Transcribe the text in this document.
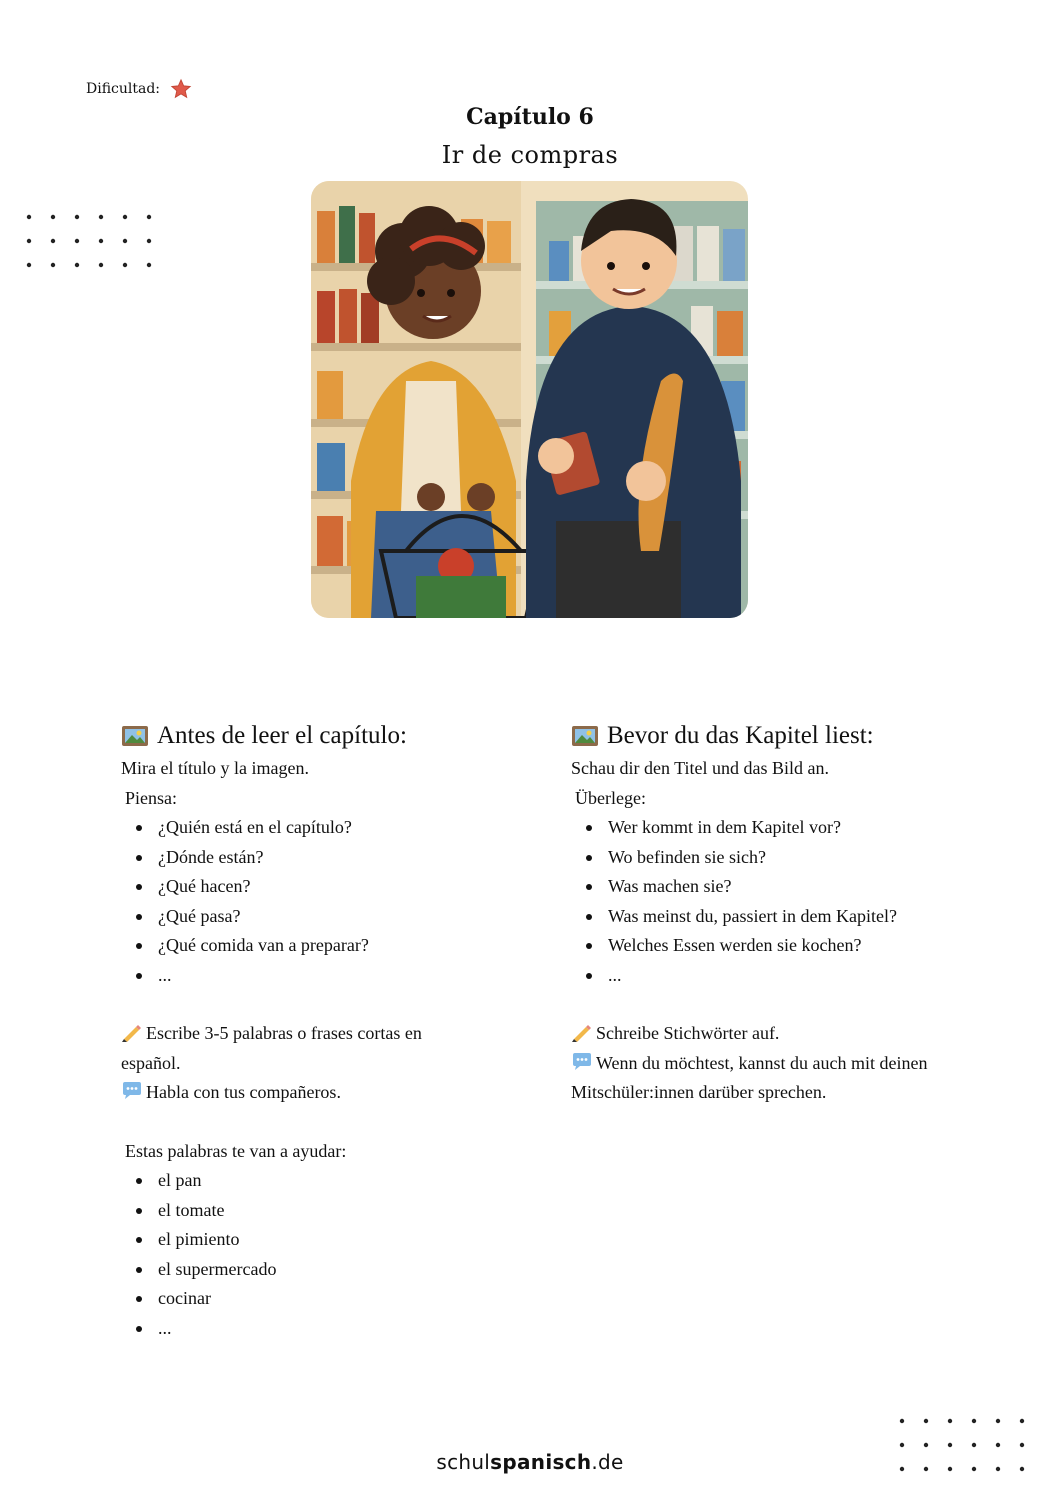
Dificultad:
Capítulo 6
Ir de compras
Antes de leer el capítulo:

Mira el título y la imagen.

Piensa:

¿Quién está en el capítulo?
¿Dónde están?
¿Qué hacen?
¿Qué pasa?
¿Qué comida van a preparar?
...

Escribe 3-5 palabras o frases cortas en

español.

Habla con tus compañeros.

Estas palabras te van a ayudar:

el pan
el tomate
el pimiento
el supermercado
cocinar
...
Bevor du das Kapitel liest:

Schau dir den Titel und das Bild an.

Überlege:

Wer kommt in dem Kapitel vor?
Wo befinden sie sich?
Was machen sie?
Was meinst du, passiert in dem Kapitel?
Welches Essen werden sie kochen?
...

Schreibe Stichwörter auf.

Wenn du möchtest, kannst du auch mit deinen

Mitschüler:innen darüber sprechen.

schulspanisch.de
